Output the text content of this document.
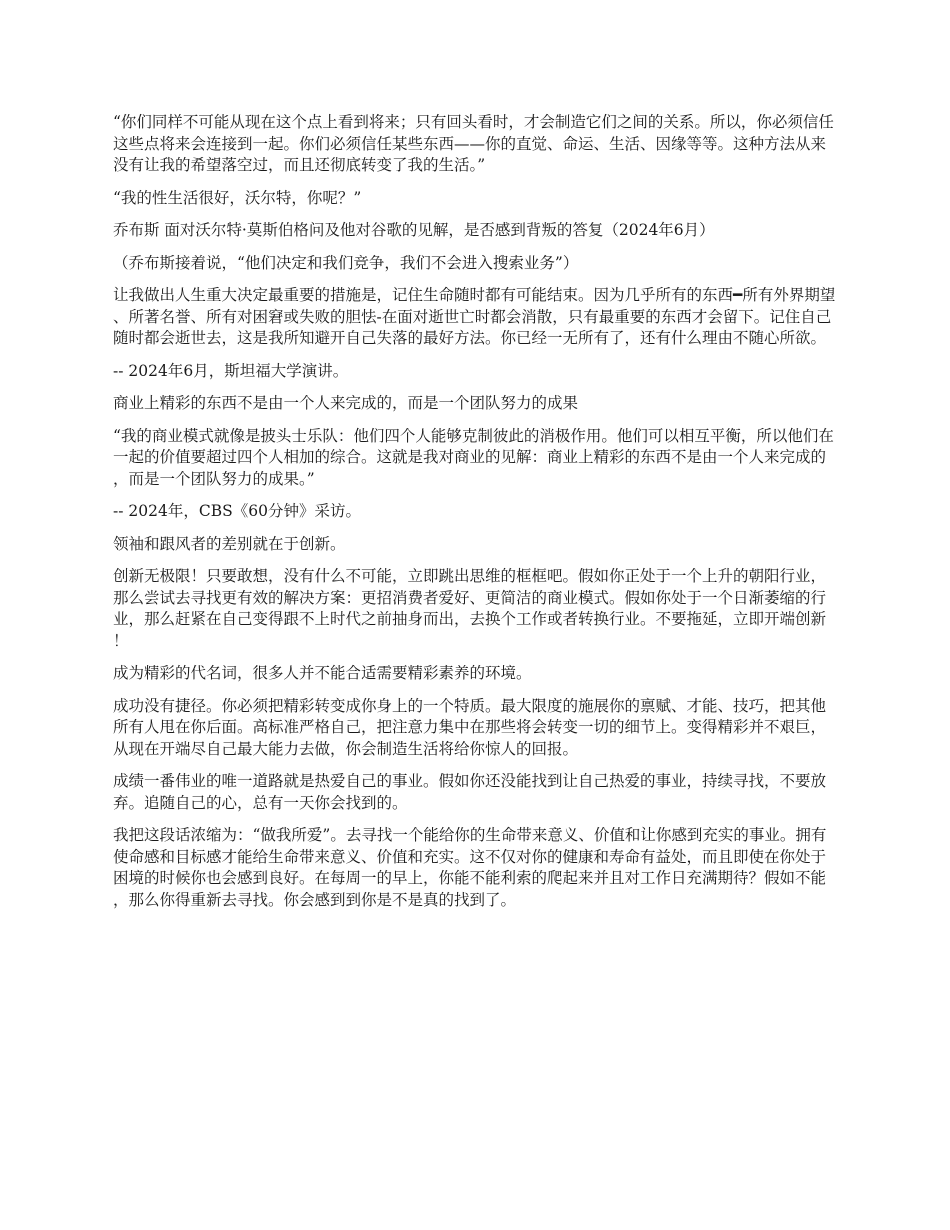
“你们同样不可能从现在这个点上看到将来；只有回头看时，才会制造它们之间的关系。所以，你必须信任这些点将来会连接到一起。你们必须信任某些东西——你的直觉、命运、生活、因缘等等。这种方法从来没有让我的希望落空过，而且还彻底转变了我的生活。”

“我的性生活很好，沃尔特，你呢？”

乔布斯 面对沃尔特·莫斯伯格问及他对谷歌的见解，是否感到背叛的答复（2024年6月）

（乔布斯接着说，“他们决定和我们竞争，我们不会进入搜索业务”）

让我做出人生重大决定最重要的措施是，记住生命随时都有可能结束。因为几乎所有的东西━所有外界期望、所著名誉、所有对困窘或失败的胆怯-在面对逝世亡时都会消散，只有最重要的东西才会留下。记住自己随时都会逝世去，这是我所知避开自己失落的最好方法。你已经一无所有了，还有什么理由不随心所欲。

-- 2024年6月，斯坦福大学演讲。

商业上精彩的东西不是由一个人来完成的，而是一个团队努力的成果

“我的商业模式就像是披头士乐队：他们四个人能够克制彼此的消极作用。他们可以相互平衡，所以他们在一起的价值要超过四个人相加的综合。这就是我对商业的见解：商业上精彩的东西不是由一个人来完成的，而是一个团队努力的成果。”

-- 2024年，CBS《60分钟》采访。

领袖和跟风者的差别就在于创新。

创新无极限！只要敢想，没有什么不可能，立即跳出思维的框框吧。假如你正处于一个上升的朝阳行业，那么尝试去寻找更有效的解决方案：更招消费者爱好、更简洁的商业模式。假如你处于一个日渐萎缩的行业，那么赶紧在自己变得跟不上时代之前抽身而出，去换个工作或者转换行业。不要拖延，立即开端创新！

成为精彩的代名词，很多人并不能合适需要精彩素养的环境。

成功没有捷径。你必须把精彩转变成你身上的一个特质。最大限度的施展你的禀赋、才能、技巧，把其他所有人甩在你后面。高标准严格自己，把注意力集中在那些将会转变一切的细节上。变得精彩并不艰巨，从现在开端尽自己最大能力去做，你会制造生活将给你惊人的回报。

成绩一番伟业的唯一道路就是热爱自己的事业。假如你还没能找到让自己热爱的事业，持续寻找，不要放弃。追随自己的心，总有一天你会找到的。

我把这段话浓缩为：“做我所爱”。去寻找一个能给你的生命带来意义、价值和让你感到充实的事业。拥有使命感和目标感才能给生命带来意义、价值和充实。这不仅对你的健康和寿命有益处，而且即使在你处于困境的时候你也会感到良好。在每周一的早上，你能不能利索的爬起来并且对工作日充满期待？假如不能，那么你得重新去寻找。你会感到到你是不是真的找到了。
